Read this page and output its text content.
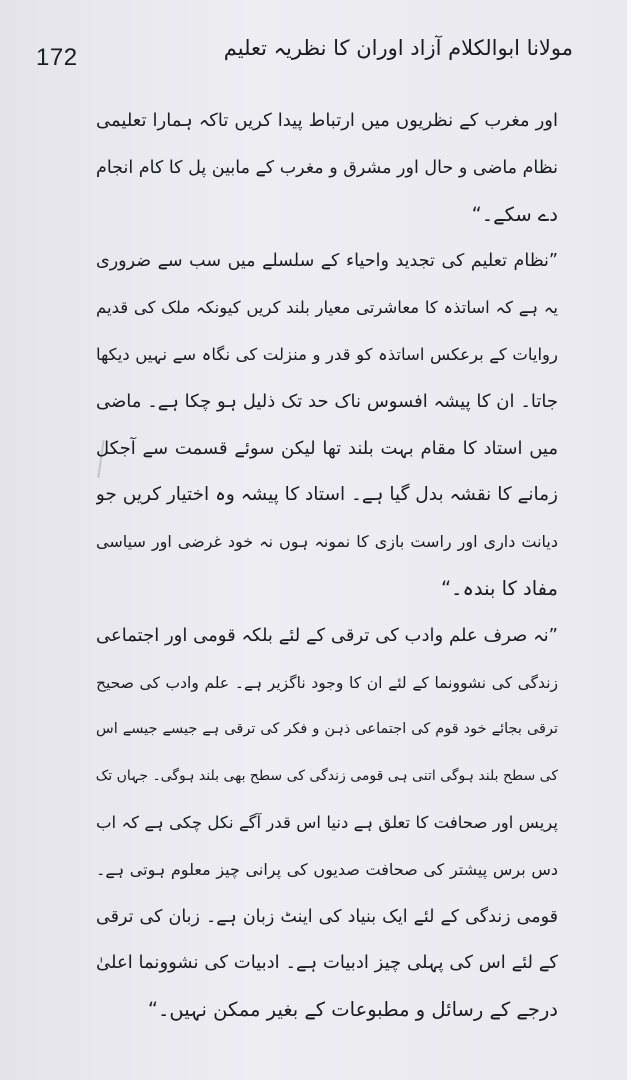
172	مولانا ابوالکلام آزاد اوران کا نظریہ تعلیم
اور مغرب کے نظریوں میں ارتباط پیدا کریں تاکہ ہمارا تعلیمی
نظام ماضی و حال اور مشرق و مغرب کے مابین پل کا کام انجام
دے سکے۔“
”نظام تعلیم کی تجدید واحیاء کے سلسلے میں سب سے ضروری
یہ ہے کہ اساتذہ کا معاشرتی معیار بلند کریں کیونکہ ملک کی قدیم
روایات کے برعکس اساتذہ کو قدر و منزلت کی نگاہ سے نہیں دیکھا
جاتا۔ ان کا پیشہ افسوس ناک حد تک ذلیل ہو چکا ہے۔ ماضی
میں استاد کا مقام بہت بلند تھا لیکن سوئے قسمت سے آجکل
زمانے کا نقشہ بدل گیا ہے۔ استاد کا پیشہ وہ اختیار کریں جو
دیانت داری اور راست بازی کا نمونہ ہوں نہ خود غرضی اور سیاسی
مفاد کا بندہ۔“
”نہ صرف علم وادب کی ترقی کے لئے بلکہ قومی اور اجتماعی
زندگی کی نشوونما کے لئے ان کا وجود ناگزیر ہے۔ علم وادب کی صحیح
ترقی بجائے خود قوم کی اجتماعی ذہن و فکر کی ترقی ہے جیسے جیسے اس
کی سطح بلند ہوگی اتنی ہی قومی زندگی کی سطح بھی بلند ہوگی۔ جہاں تک
پریس اور صحافت کا تعلق ہے دنیا اس قدر آگے نکل چکی ہے کہ اب
دس برس پیشتر کی صحافت صدیوں کی پرانی چیز معلوم ہوتی ہے۔
قومی زندگی کے لئے ایک بنیاد کی اینٹ زبان ہے۔ زبان کی ترقی
کے لئے اس کی پہلی چیز ادبیات ہے۔ ادبیات کی نشوونما اعلیٰ
درجے کے رسائل و مطبوعات کے بغیر ممکن نہیں۔“
